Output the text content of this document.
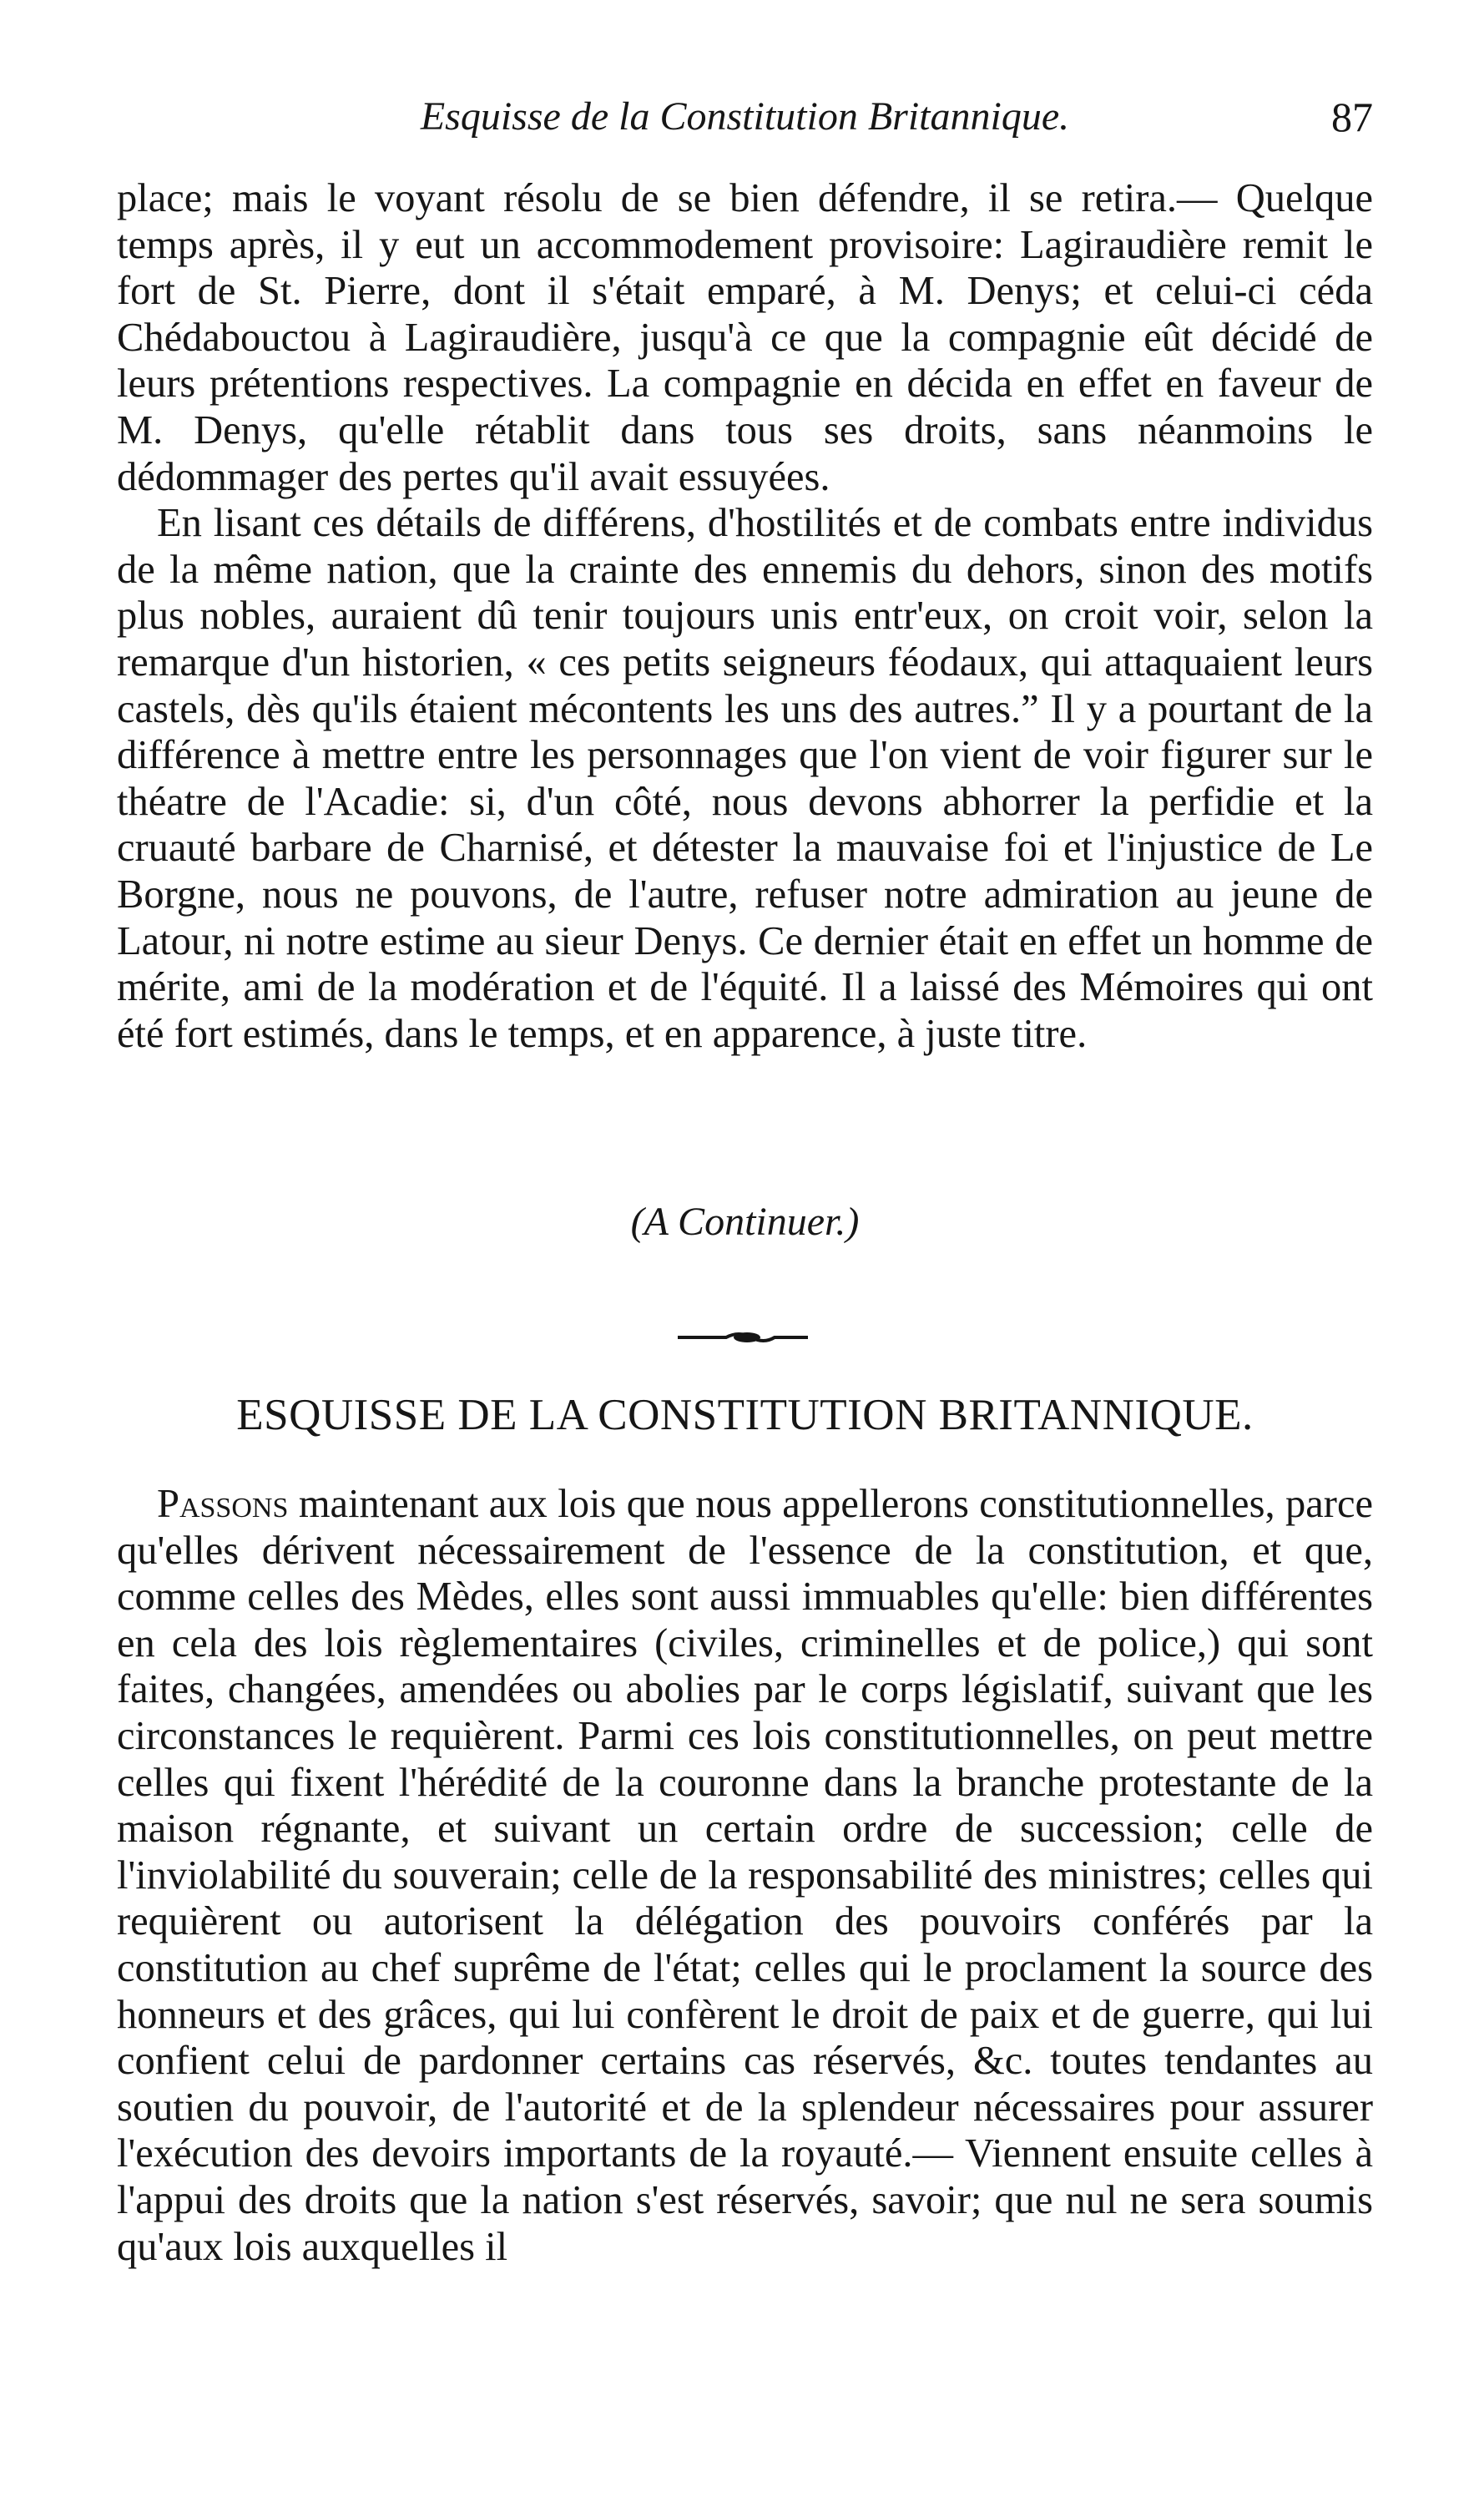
Esquisse de la Constitution Britannique.	87

place; mais le voyant résolu de se bien défendre, il se retira.— Quelque temps après, il y eut un accommodement provisoire: Lagiraudière remit le fort de St. Pierre, dont il s'était emparé, à M. Denys; et celui-ci céda Chédabouctou à Lagiraudière, jusqu'à ce que la compagnie eût décidé de leurs prétentions respectives. La compagnie en décida en effet en faveur de M. Denys, qu'elle rétablit dans tous ses droits, sans néanmoins le dédommager des pertes qu'il avait essuyées.

En lisant ces détails de différens, d'hostilités et de combats entre individus de la même nation, que la crainte des ennemis du dehors, sinon des motifs plus nobles, auraient dû tenir toujours unis entr'eux, on croit voir, selon la remarque d'un historien, « ces petits seigneurs féodaux, qui attaquaient leurs castels, dès qu'ils étaient mécontents les uns des autres.” Il y a pourtant de la différence à mettre entre les personnages que l'on vient de voir figurer sur le théatre de l'Acadie: si, d'un côté, nous devons abhorrer la perfidie et la cruauté barbare de Charnisé, et détester la mauvaise foi et l'injustice de Le Borgne, nous ne pouvons, de l'autre, refuser notre admiration au jeune de Latour, ni notre estime au sieur Denys. Ce dernier était en effet un homme de mérite, ami de la modération et de l'équité. Il a laissé des Mémoires qui ont été fort estimés, dans le temps, et en apparence, à juste titre.

(A Continuer.)
ESQUISSE DE LA CONSTITUTION BRITANNIQUE.

Passons maintenant aux lois que nous appellerons constitutionnelles, parce qu'elles dérivent nécessairement de l'essence de la constitution, et que, comme celles des Mèdes, elles sont aussi immuables qu'elle: bien différentes en cela des lois règlementaires (civiles, criminelles et de police,) qui sont faites, changées, amendées ou abolies par le corps législatif, suivant que les circonstances le requièrent. Parmi ces lois constitutionnelles, on peut mettre celles qui fixent l'hérédité de la couronne dans la branche protestante de la maison régnante, et suivant un certain ordre de succession; celle de l'inviolabilité du souverain; celle de la responsabilité des ministres; celles qui requièrent ou autorisent la délégation des pouvoirs conférés par la constitution au chef suprême de l'état; celles qui le proclament la source des honneurs et des grâces, qui lui confèrent le droit de paix et de guerre, qui lui confient celui de pardonner certains cas réservés, &c. toutes tendantes au soutien du pouvoir, de l'autorité et de la splendeur nécessaires pour assurer l'exécution des devoirs importants de la royauté.— Viennent ensuite celles à l'appui des droits que la nation s'est réservés, savoir; que nul ne sera soumis qu'aux lois auxquelles il
